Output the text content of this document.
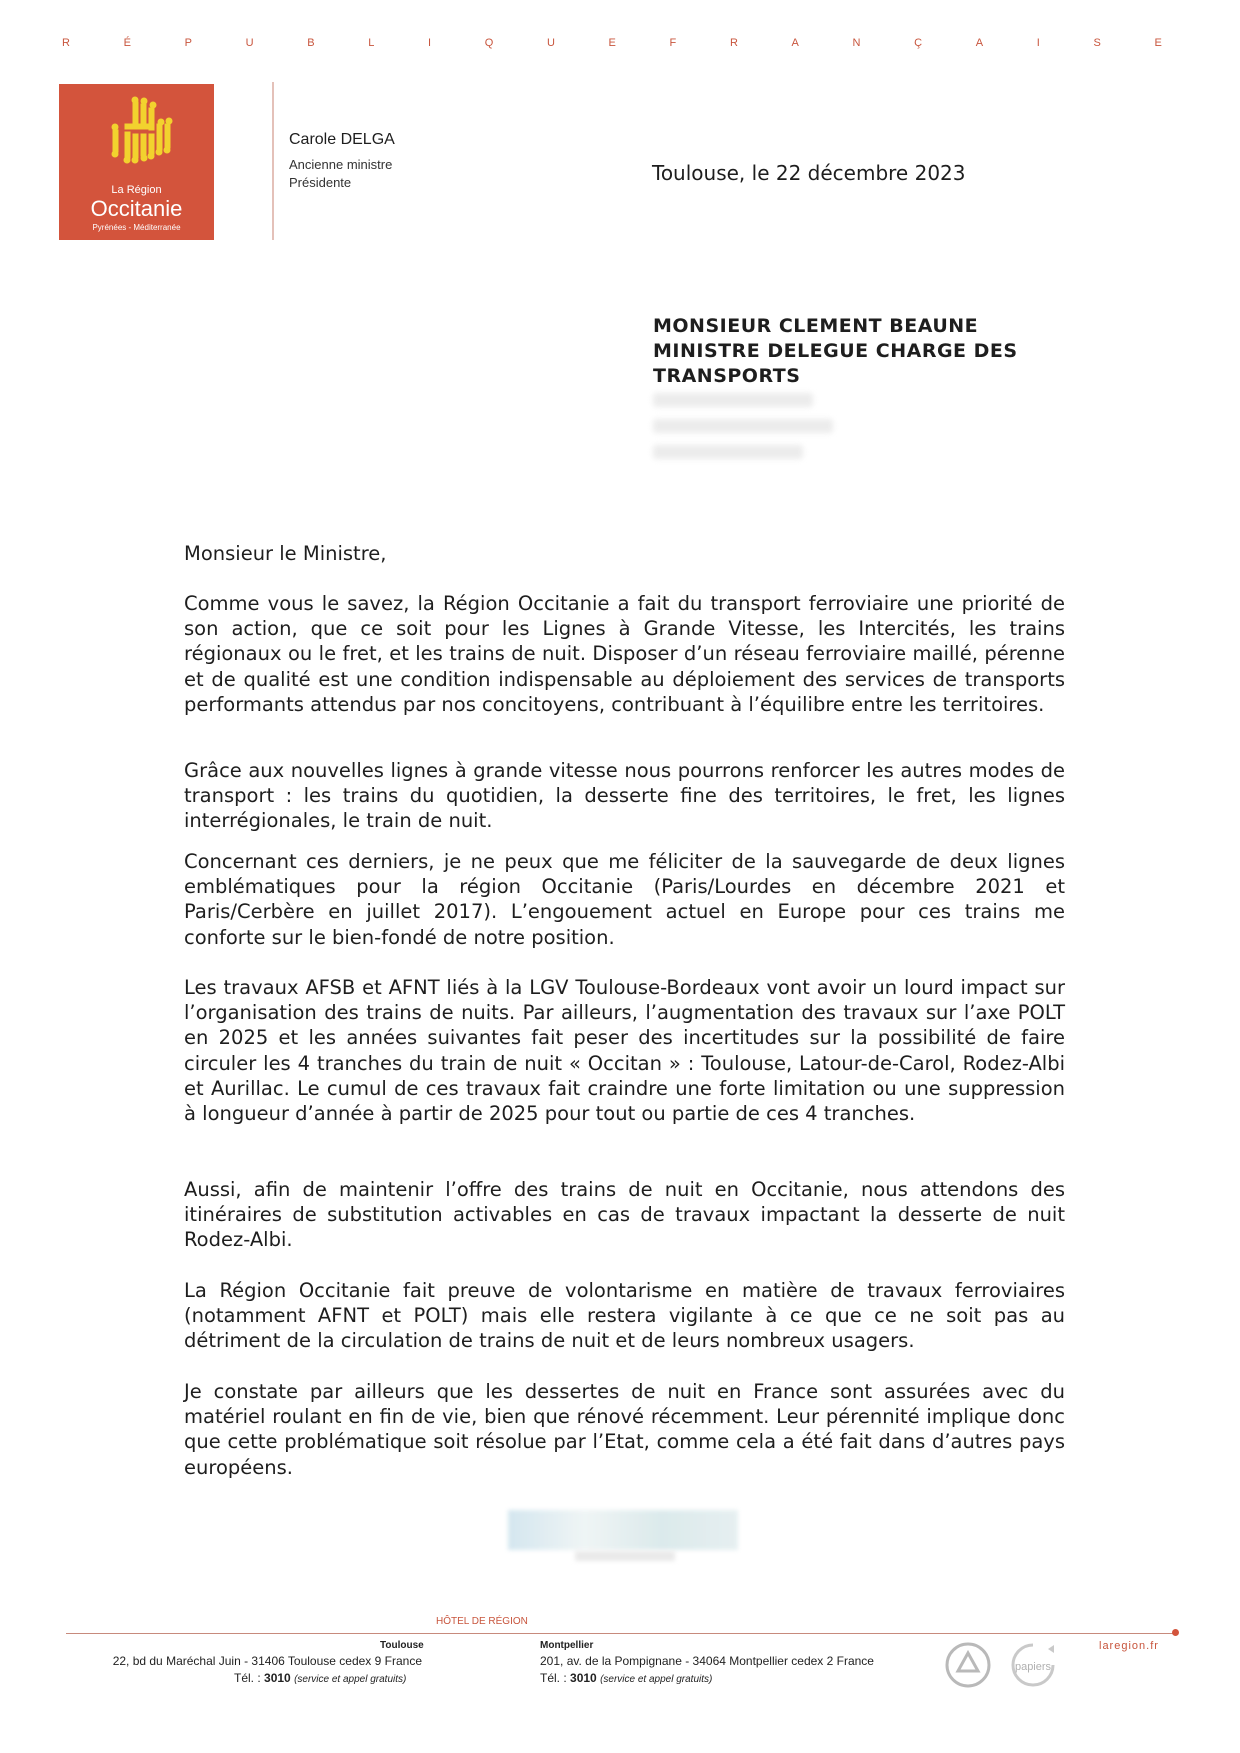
R	É	P	U	B	L	I	Q	U	E	F	R	A	N	Ç	A	I	S	E
La Région
Occitanie
Pyrénées - Méditerranée
Carole DELGA
Ancienne ministre
Présidente	Toulouse, le 22 décembre 2023
MONSIEUR CLEMENT BEAUNE
MINISTRE DELEGUE CHARGE DES
TRANSPORTS
Monsieur le Ministre,
Comme vous le savez, la Région Occitanie a fait du transport ferroviaire une priorité de son action, que ce soit pour les Lignes à Grande Vitesse, les Intercités, les trains régionaux ou le fret, et les trains de nuit. Disposer d’un réseau ferroviaire maillé, pérenne et de qualité est une condition indispensable au déploiement des services de transports performants attendus par nos concitoyens, contribuant à l’équilibre entre les territoires.
Grâce aux nouvelles lignes à grande vitesse nous pourrons renforcer les autres modes de transport : les trains du quotidien, la desserte fine des territoires, le fret, les lignes interrégionales, le train de nuit.
Concernant ces derniers, je ne peux que me féliciter de la sauvegarde de deux lignes emblématiques pour la région Occitanie (Paris/Lourdes en décembre 2021 et Paris/Cerbère en juillet 2017). L’engouement actuel en Europe pour ces trains me conforte sur le bien-fondé de notre position.
Les travaux AFSB et AFNT liés à la LGV Toulouse-Bordeaux vont avoir un lourd impact sur l’organisation des trains de nuits. Par ailleurs, l’augmentation des travaux sur l’axe POLT en 2025 et les années suivantes fait peser des incertitudes sur la possibilité de faire circuler les 4 tranches du train de nuit « Occitan » : Toulouse, Latour-de-Carol, Rodez-Albi et Aurillac. Le cumul de ces travaux fait craindre une forte limitation ou une suppression à longueur d’année à partir de 2025 pour tout ou partie de ces 4 tranches.
Aussi, afin de maintenir l’offre des trains de nuit en Occitanie, nous attendons des itinéraires de substitution activables en cas de travaux impactant la desserte de nuit Rodez-Albi.
La Région Occitanie fait preuve de volontarisme en matière de travaux ferroviaires (notamment AFNT et POLT) mais elle restera vigilante à ce que ce ne soit pas au détriment de la circulation de trains de nuit et de leurs nombreux usagers.
Je constate par ailleurs que les dessertes de nuit en France sont assurées avec du matériel roulant en fin de vie, bien que rénové récemment. Leur pérennité implique donc que cette problématique soit résolue par l’Etat, comme cela a été fait dans d’autres pays européens.
HÔTEL DE RÉGION
Toulouse
22, bd du Maréchal Juin - 31406 Toulouse cedex 9 France
Tél. : 3010 (service et appel gratuits)
Montpellier
201, av. de la Pompignane - 34064 Montpellier cedex 2 France
Tél. : 3010 (service et appel gratuits)
papiers
laregion.fr
